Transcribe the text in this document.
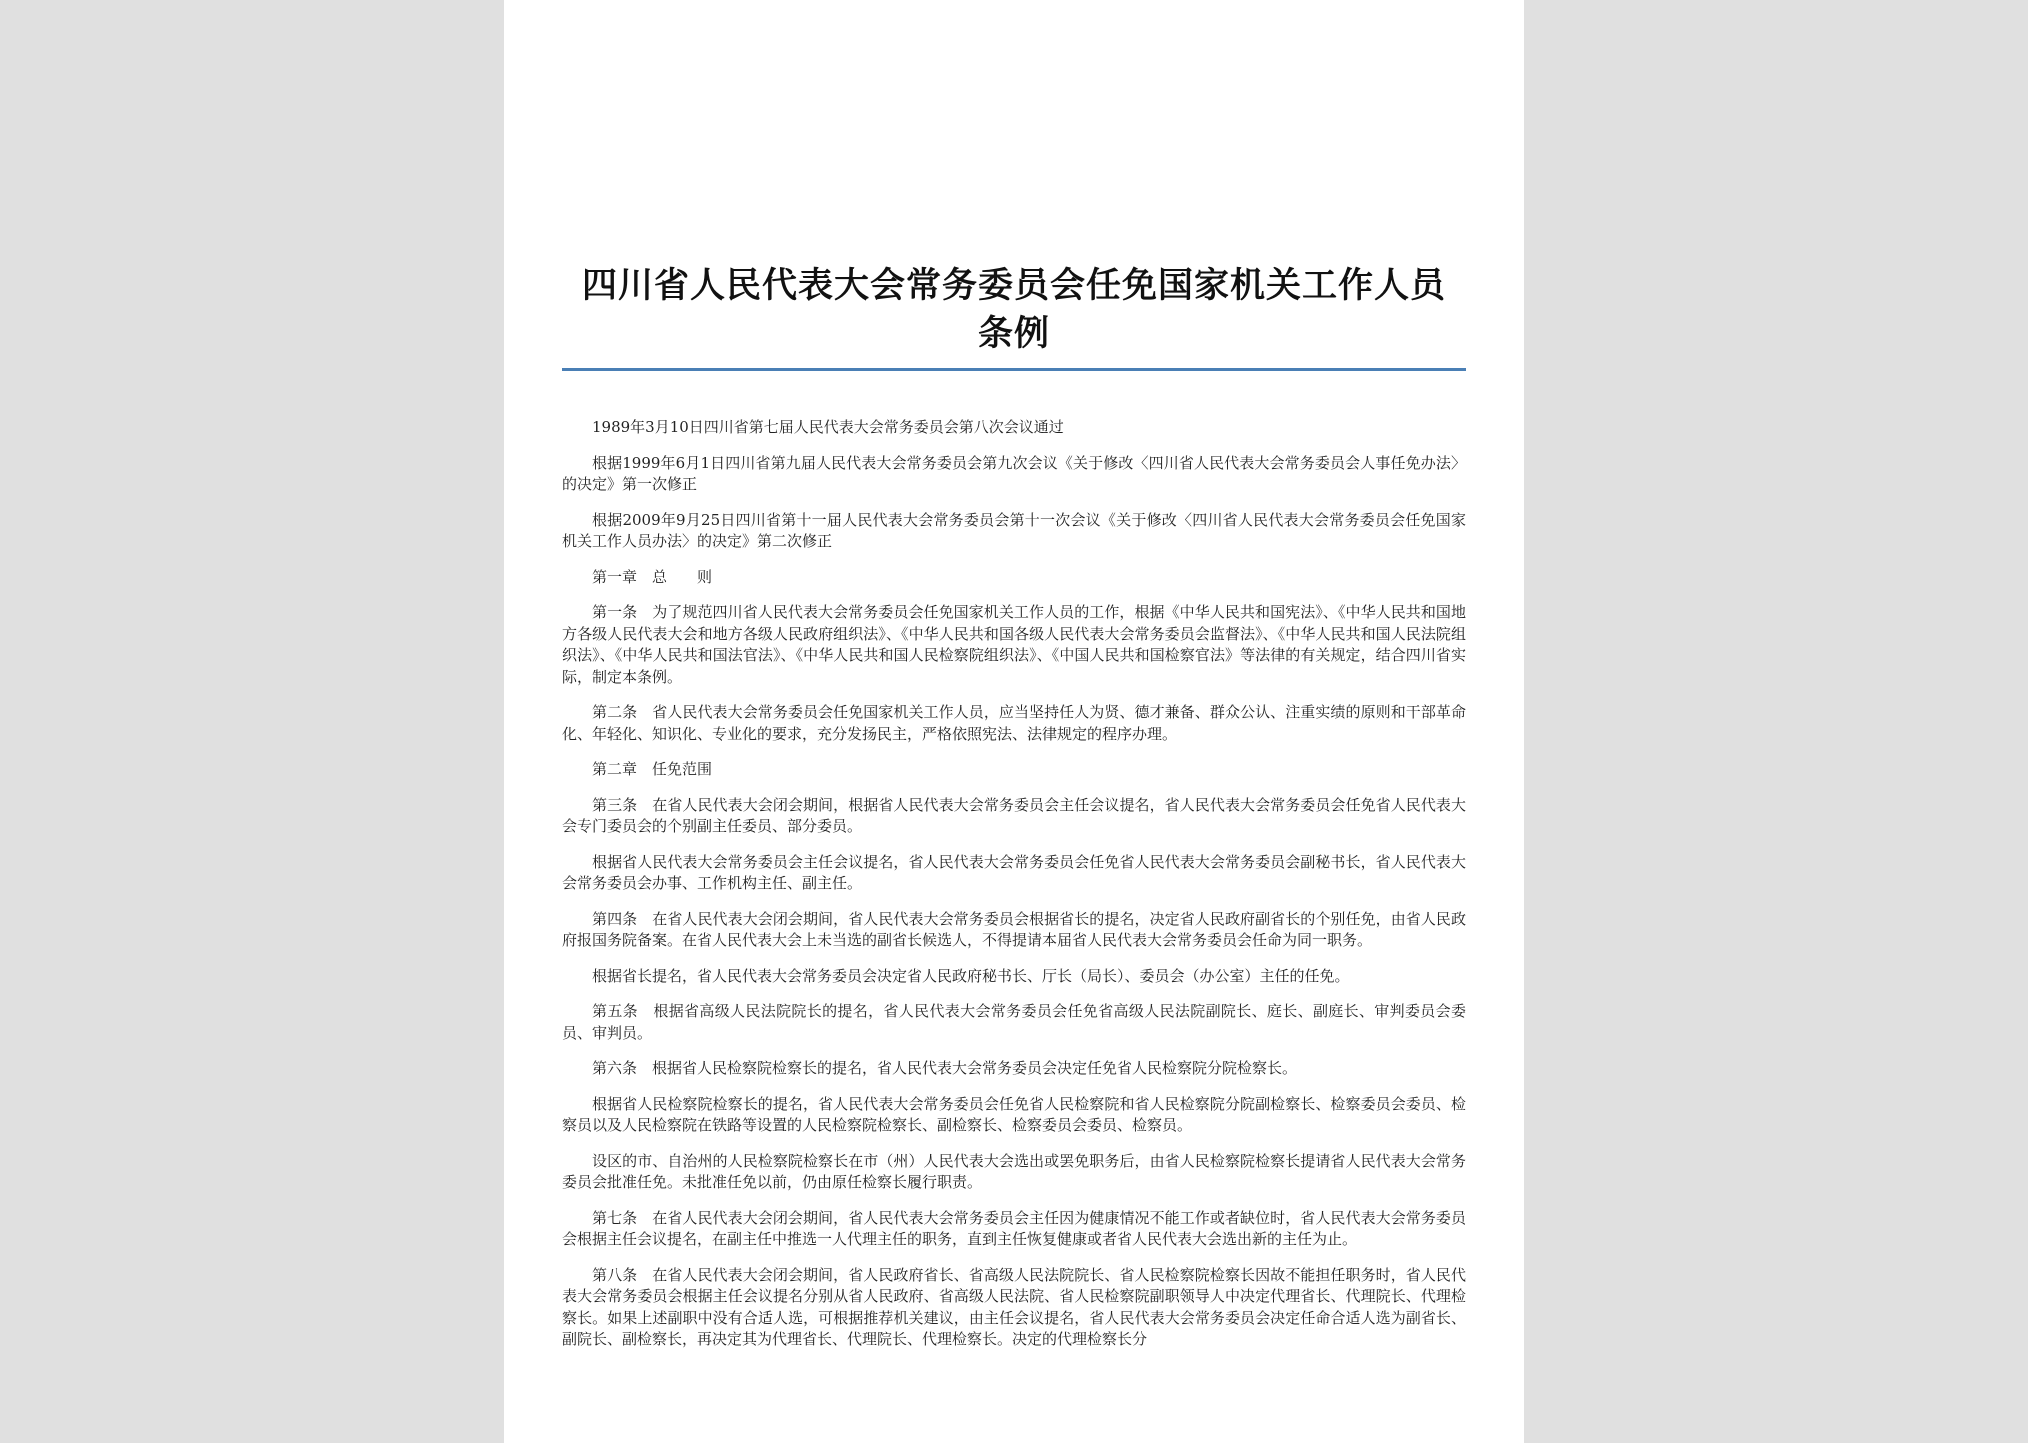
四川省人民代表大会常务委员会任免国家机关工作人员
条例

1989年3月10日四川省第七届人民代表大会常务委员会第八次会议通过

根据1999年6月1日四川省第九届人民代表大会常务委员会第九次会议《关于修改〈四川省人民代表大会常务委员会人事任免办法〉的决定》第一次修正

根据2009年9月25日四川省第十一届人民代表大会常务委员会第十一次会议《关于修改〈四川省人民代表大会常务委员会任免国家机关工作人员办法〉的决定》第二次修正

第一章　总　　则

第一条　为了规范四川省人民代表大会常务委员会任免国家机关工作人员的工作，根据《中华人民共和国宪法》、《中华人民共和国地方各级人民代表大会和地方各级人民政府组织法》、《中华人民共和国各级人民代表大会常务委员会监督法》、《中华人民共和国人民法院组织法》、《中华人民共和国法官法》、《中华人民共和国人民检察院组织法》、《中国人民共和国检察官法》等法律的有关规定，结合四川省实际，制定本条例。

第二条　省人民代表大会常务委员会任免国家机关工作人员，应当坚持任人为贤、德才兼备、群众公认、注重实绩的原则和干部革命化、年轻化、知识化、专业化的要求，充分发扬民主，严格依照宪法、法律规定的程序办理。

第二章　任免范围

第三条　在省人民代表大会闭会期间，根据省人民代表大会常务委员会主任会议提名，省人民代表大会常务委员会任免省人民代表大会专门委员会的个别副主任委员、部分委员。

根据省人民代表大会常务委员会主任会议提名，省人民代表大会常务委员会任免省人民代表大会常务委员会副秘书长，省人民代表大会常务委员会办事、工作机构主任、副主任。

第四条　在省人民代表大会闭会期间，省人民代表大会常务委员会根据省长的提名，决定省人民政府副省长的个别任免，由省人民政府报国务院备案。在省人民代表大会上未当选的副省长候选人，不得提请本届省人民代表大会常务委员会任命为同一职务。

根据省长提名，省人民代表大会常务委员会决定省人民政府秘书长、厅长（局长）、委员会（办公室）主任的任免。

第五条　根据省高级人民法院院长的提名，省人民代表大会常务委员会任免省高级人民法院副院长、庭长、副庭长、审判委员会委员、审判员。

第六条　根据省人民检察院检察长的提名，省人民代表大会常务委员会决定任免省人民检察院分院检察长。

根据省人民检察院检察长的提名，省人民代表大会常务委员会任免省人民检察院和省人民检察院分院副检察长、检察委员会委员、检察员以及人民检察院在铁路等设置的人民检察院检察长、副检察长、检察委员会委员、检察员。

设区的市、自治州的人民检察院检察长在市（州）人民代表大会选出或罢免职务后，由省人民检察院检察长提请省人民代表大会常务委员会批准任免。未批准任免以前，仍由原任检察长履行职责。

第七条　在省人民代表大会闭会期间，省人民代表大会常务委员会主任因为健康情况不能工作或者缺位时，省人民代表大会常务委员会根据主任会议提名，在副主任中推选一人代理主任的职务，直到主任恢复健康或者省人民代表大会选出新的主任为止。

第八条　在省人民代表大会闭会期间，省人民政府省长、省高级人民法院院长、省人民检察院检察长因故不能担任职务时，省人民代表大会常务委员会根据主任会议提名分别从省人民政府、省高级人民法院、省人民检察院副职领导人中决定代理省长、代理院长、代理检察长。如果上述副职中没有合适人选，可根据推荐机关建议，由主任会议提名，省人民代表大会常务委员会决定任命合适人选为副省长、副院长、副检察长，再决定其为代理省长、代理院长、代理检察长。决定的代理检察长分
